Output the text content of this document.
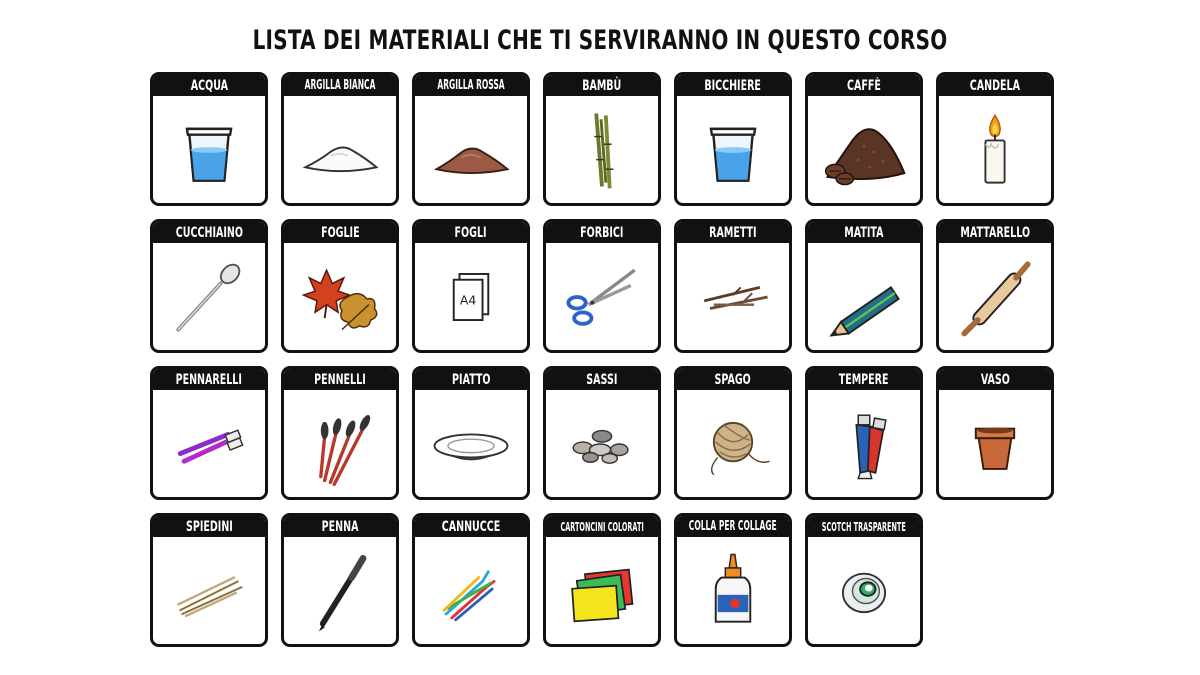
LISTA DEI MATERIALI CHE TI SERVIRANNO IN QUESTO CORSO
ACQUA	ARGILLA BIANCA	ARGILLA ROSSA	BAMBÙ	BICCHIERE	CAFFÈ	CANDELA
CUCCHIAINO	FOGLIE	FOGLI
A4
FORBICI	RAMETTI	MATITA	MATTARELLO
PENNARELLI	PENNELLI	PIATTO	SASSI	SPAGO	TEMPERE	VASO
SPIEDINI	PENNA	CANNUCCE	CARTONCINI COLORATI	COLLA PER COLLAGE	SCOTCH TRASPARENTE
